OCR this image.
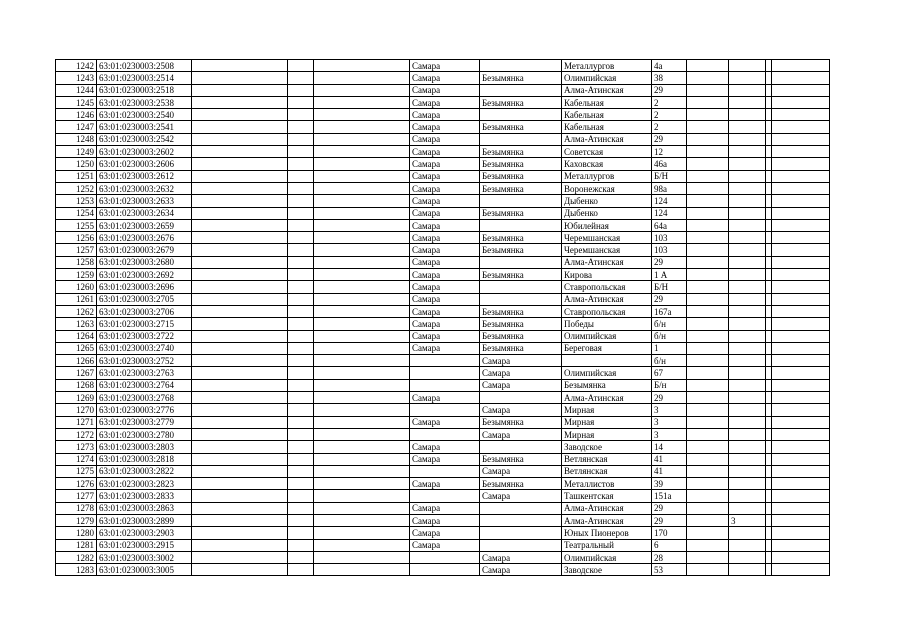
1242	63:01:0230003:2508				Самара		Металлургов	4а				
1243	63:01:0230003:2514				Самара	Безымянка	Олимпийская	38				
1244	63:01:0230003:2518				Самара		Алма-Атинская	29				
1245	63:01:0230003:2538				Самара	Безымянка	Кабельная	2				
1246	63:01:0230003:2540				Самара		Кабельная	2				
1247	63:01:0230003:2541				Самара	Безымянка	Кабельная	2				
1248	63:01:0230003:2542				Самара		Алма-Атинская	29				
1249	63:01:0230003:2602				Самара	Безымянка	Советская	12				
1250	63:01:0230003:2606				Самара	Безымянка	Каховская	46а				
1251	63:01:0230003:2612				Самара	Безымянка	Металлургов	Б/Н				
1252	63:01:0230003:2632				Самара	Безымянка	Воронежская	98а				
1253	63:01:0230003:2633				Самара		Дыбенко	124				
1254	63:01:0230003:2634				Самара	Безымянка	Дыбенко	124				
1255	63:01:0230003:2659				Самара		Юбилейная	64а				
1256	63:01:0230003:2676				Самара	Безымянка	Черемшанская	103				
1257	63:01:0230003:2679				Самара	Безымянка	Черемшанская	103				
1258	63:01:0230003:2680				Самара		Алма-Атинская	29				
1259	63:01:0230003:2692				Самара	Безымянка	Кирова	1 А				
1260	63:01:0230003:2696				Самара		Ставропольская	Б/Н				
1261	63:01:0230003:2705				Самара		Алма-Атинская	29				
1262	63:01:0230003:2706				Самара	Безымянка	Ставропольская	167а				
1263	63:01:0230003:2715				Самара	Безымянка	Победы	б/н				
1264	63:01:0230003:2722				Самара	Безымянка	Олимпийская	б/н				
1265	63:01:0230003:2740				Самара	Безымянка	Береговая	1				
1266	63:01:0230003:2752					Самара		б/н				
1267	63:01:0230003:2763					Самара	Олимпийская	67				
1268	63:01:0230003:2764					Самара	Безымянка	Б/н				
1269	63:01:0230003:2768				Самара		Алма-Атинская	29				
1270	63:01:0230003:2776					Самара	Мирная	3				
1271	63:01:0230003:2779				Самара	Безымянка	Мирная	3				
1272	63:01:0230003:2780					Самара	Мирная	3				
1273	63:01:0230003:2803				Самара		Заводское	14				
1274	63:01:0230003:2818				Самара	Безымянка	Ветлянская	41				
1275	63:01:0230003:2822					Самара	Ветлянская	41				
1276	63:01:0230003:2823				Самара	Безымянка	Металлистов	39				
1277	63:01:0230003:2833					Самара	Ташкентская	151а				
1278	63:01:0230003:2863				Самара		Алма-Атинская	29				
1279	63:01:0230003:2899				Самара		Алма-Атинская	29		3		
1280	63:01:0230003:2903				Самара		Юных Пионеров	170				
1281	63:01:0230003:2915				Самара		Театральный	6				
1282	63:01:0230003:3002					Самара	Олимпийская	28				
1283	63:01:0230003:3005					Самара	Заводское	53				
